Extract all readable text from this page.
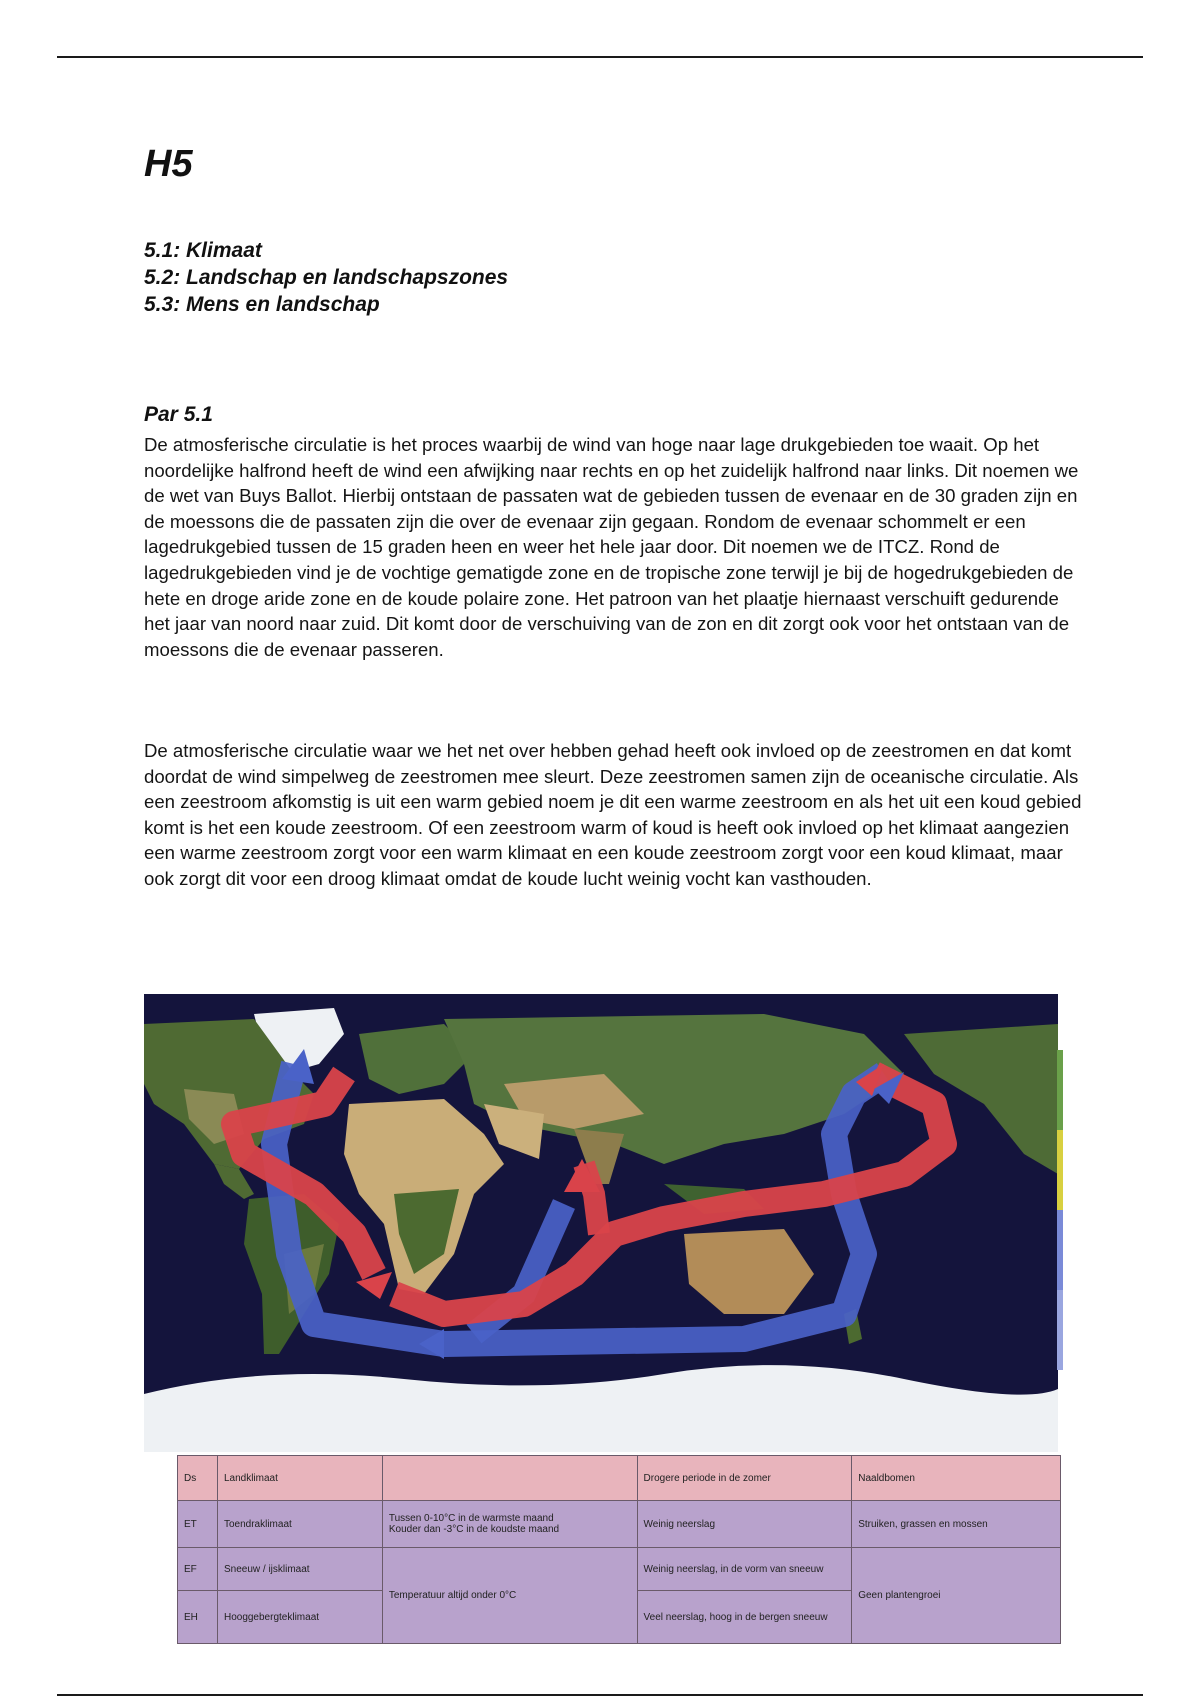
H5
5.1: Klimaat
5.2: Landschap en landschapszones
5.3: Mens en landschap
Par 5.1

De atmosferische circulatie is het proces waarbij de wind van hoge naar lage drukgebieden toe waait. Op het noordelijke halfrond heeft de wind een afwijking naar rechts en op het zuidelijk halfrond naar links. Dit noemen we de wet van Buys Ballot. Hierbij ontstaan de passaten wat de gebieden tussen de evenaar en de 30 graden zijn en de moessons die de passaten zijn die over de evenaar zijn gegaan. Rondom de evenaar schommelt er een lagedrukgebied tussen de 15 graden heen en weer het hele jaar door. Dit noemen we de ITCZ. Rond de lagedrukgebieden vind je de vochtige gematigde zone en de tropische zone terwijl je bij de hogedrukgebieden de hete en droge aride zone en de koude polaire zone. Het patroon van het plaatje hiernaast verschuift gedurende het jaar van noord naar zuid. Dit komt door de verschuiving van de zon en dit zorgt ook voor het ontstaan van de moessons die de evenaar passeren.

De atmosferische circulatie waar we het net over hebben gehad heeft ook invloed op de zeestromen en dat komt doordat de wind simpelweg de zeestromen mee sleurt. Deze zeestromen samen zijn de oceanische circulatie. Als een zeestroom afkomstig is uit een warm gebied noem je dit een warme zeestroom en als het uit een koud gebied komt is het een koude zeestroom. Of een zeestroom warm of koud is heeft ook invloed op het klimaat aangezien een warme zeestroom zorgt voor een warm klimaat en een koude zeestroom zorgt voor een koud klimaat, maar ook zorgt dit voor een droog klimaat omdat de koude lucht weinig vocht kan vasthouden.

Ds	Landklimaat		Drogere periode in de zomer	Naaldbomen
ET	Toendraklimaat	Tussen 0-10°C in de warmste maand
Kouder dan -3°C in de koudste maand	Weinig neerslag	Struiken, grassen en mossen
EF	Sneeuw / ijsklimaat	Temperatuur altijd onder 0°C	Weinig neerslag, in de vorm van sneeuw	Geen plantengroei
EH	Hooggebergteklimaat		Veel neerslag, hoog in de bergen sneeuw	
